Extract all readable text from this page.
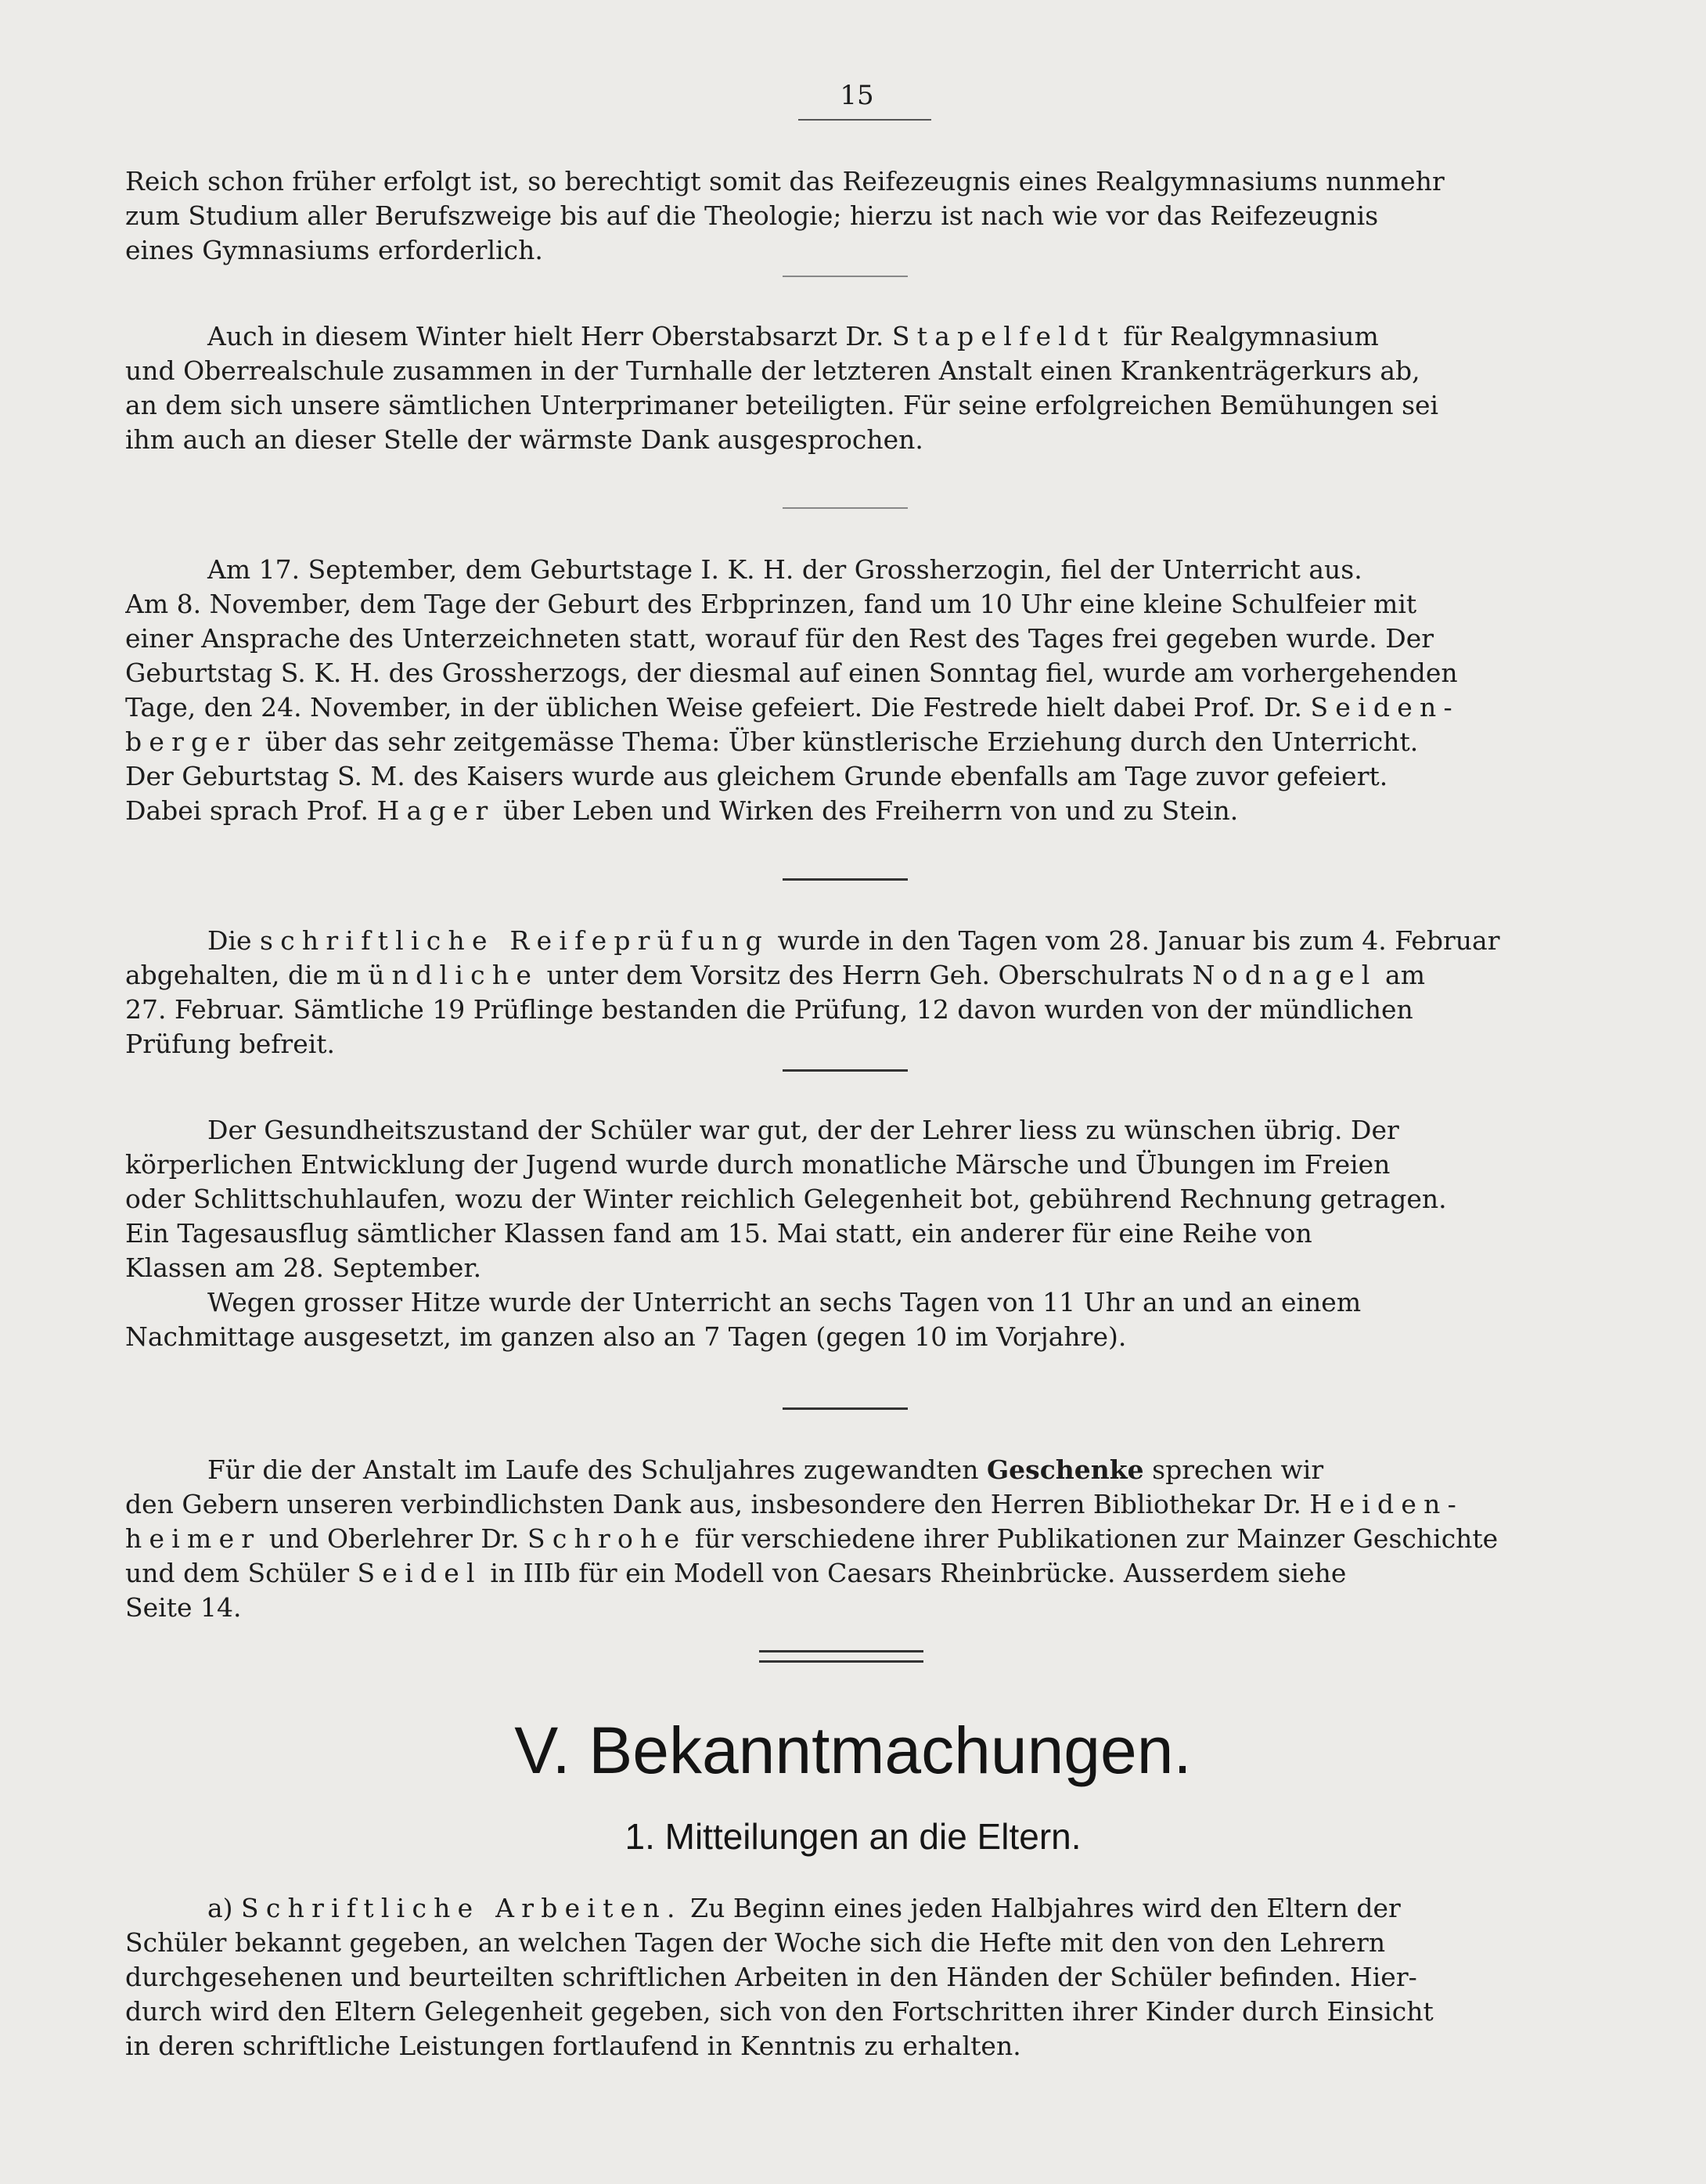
15
Reich schon früher erfolgt ist, so berechtigt somit das Reifezeugnis eines Realgymnasiums nunmehr
zum Studium aller Berufszweige bis auf die Theologie; hierzu ist nach wie vor das Reifezeugnis
eines Gymnasiums erforderlich.
Auch in diesem Winter hielt Herr Oberstabsarzt Dr. Stapelfeldt für Realgymnasium
und Oberrealschule zusammen in der Turnhalle der letzteren Anstalt einen Krankenträgerkurs ab,
an dem sich unsere sämtlichen Unterprimaner beteiligten. Für seine erfolgreichen Bemühungen sei
ihm auch an dieser Stelle der wärmste Dank ausgesprochen.
Am 17. September, dem Geburtstage I. K. H. der Grossherzogin, fiel der Unterricht aus.
Am 8. November, dem Tage der Geburt des Erbprinzen, fand um 10 Uhr eine kleine Schulfeier mit
einer Ansprache des Unterzeichneten statt, worauf für den Rest des Tages frei gegeben wurde. Der
Geburtstag S. K. H. des Grossherzogs, der diesmal auf einen Sonntag fiel, wurde am vorhergehenden
Tage, den 24. November, in der üblichen Weise gefeiert. Die Festrede hielt dabei Prof. Dr. Seiden-
berger über das sehr zeitgemässe Thema: Über künstlerische Erziehung durch den Unterricht.
Der Geburtstag S. M. des Kaisers wurde aus gleichem Grunde ebenfalls am Tage zuvor gefeiert.
Dabei sprach Prof. Hager über Leben und Wirken des Freiherrn von und zu Stein.
Die schriftliche Reifeprüfung wurde in den Tagen vom 28. Januar bis zum 4. Februar
abgehalten, die mündliche unter dem Vorsitz des Herrn Geh. Oberschulrats Nodnagel am
27. Februar. Sämtliche 19 Prüflinge bestanden die Prüfung, 12 davon wurden von der mündlichen
Prüfung befreit.
Der Gesundheitszustand der Schüler war gut, der der Lehrer liess zu wünschen übrig. Der
körperlichen Entwicklung der Jugend wurde durch monatliche Märsche und Übungen im Freien
oder Schlittschuhlaufen, wozu der Winter reichlich Gelegenheit bot, gebührend Rechnung getragen.
Ein Tagesausflug sämtlicher Klassen fand am 15. Mai statt, ein anderer für eine Reihe von
Klassen am 28. September.
Wegen grosser Hitze wurde der Unterricht an sechs Tagen von 11 Uhr an und an einem
Nachmittage ausgesetzt, im ganzen also an 7 Tagen (gegen 10 im Vorjahre).
Für die der Anstalt im Laufe des Schuljahres zugewandten Geschenke sprechen wir
den Gebern unseren verbindlichsten Dank aus, insbesondere den Herren Bibliothekar Dr. Heiden-
heimer und Oberlehrer Dr. Schrohe für verschiedene ihrer Publikationen zur Mainzer Geschichte
und dem Schüler Seidel in IIIb für ein Modell von Caesars Rheinbrücke. Ausserdem siehe
Seite 14.
V. Bekanntmachungen.
1. Mitteilungen an die Eltern.
a) Schriftliche Arbeiten. Zu Beginn eines jeden Halbjahres wird den Eltern der
Schüler bekannt gegeben, an welchen Tagen der Woche sich die Hefte mit den von den Lehrern
durchgesehenen und beurteilten schriftlichen Arbeiten in den Händen der Schüler befinden. Hier-
durch wird den Eltern Gelegenheit gegeben, sich von den Fortschritten ihrer Kinder durch Einsicht
in deren schriftliche Leistungen fortlaufend in Kenntnis zu erhalten.
